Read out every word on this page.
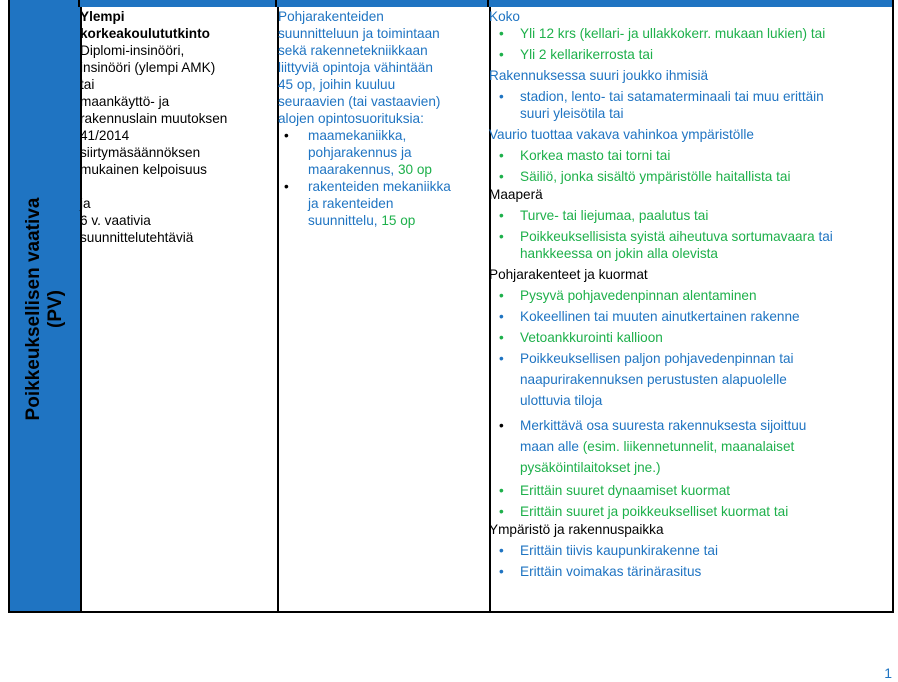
Poikkeuksellisen vaativa
(PV)
Ylempi
korkeakoulututkinto
Diplomi-insinööri,
insinööri (ylempi AMK)
tai
maankäyttö- ja
rakennuslain muutoksen
41/2014
siirtymäsäännöksen
mukainen kelpoisuus
ja
6 v. vaativia
suunnittelutehtäviä
Pohjarakenteiden
suunnitteluun ja toimintaan
sekä rakennetekniikkaan
liittyviä opintoja vähintään
45 op, joihin kuuluu
seuraavien (tai vastaavien)
alojen opintosuorituksia:
• maamekaniikka,
pohjarakennus ja
maarakennus, 30 op
• rakenteiden mekaniikka
ja rakenteiden
suunnittelu, 15 op
Koko
• Yli 12 krs (kellari- ja ullakkokerr. mukaan lukien) tai
• Yli 2 kellarikerrosta tai
Rakennuksessa suuri joukko ihmisiä
• stadion, lento- tai satamaterminaali tai muu erittäin
suuri yleisötila tai
Vaurio tuottaa vakava vahinkoa ympäristölle
• Korkea masto tai torni tai
• Säiliö, jonka sisältö ympäristölle haitallista tai
Maaperä
• Turve- tai liejumaa, paalutus tai
• Poikkeuksellisista syistä aiheutuva sortumavaara tai
hankkeessa on jokin alla olevista
Pohjarakenteet ja kuormat
• Pysyvä pohjavedenpinnan alentaminen
• Kokeellinen tai muuten ainutkertainen rakenne
• Vetoankkurointi kallioon
• Poikkeuksellisen paljon pohjavedenpinnan tai
naapurirakennuksen perustusten alapuolelle
ulottuvia tiloja
• Merkittävä osa suuresta rakennuksesta sijoittuu
maan alle (esim. liikennetunnelit, maanalaiset
pysäköintilaitokset jne.)
• Erittäin suuret dynaamiset kuormat
• Erittäin suuret ja poikkeukselliset kuormat tai
Ympäristö ja rakennuspaikka
• Erittäin tiivis kaupunkirakenne tai
• Erittäin voimakas tärinärasitus
1
